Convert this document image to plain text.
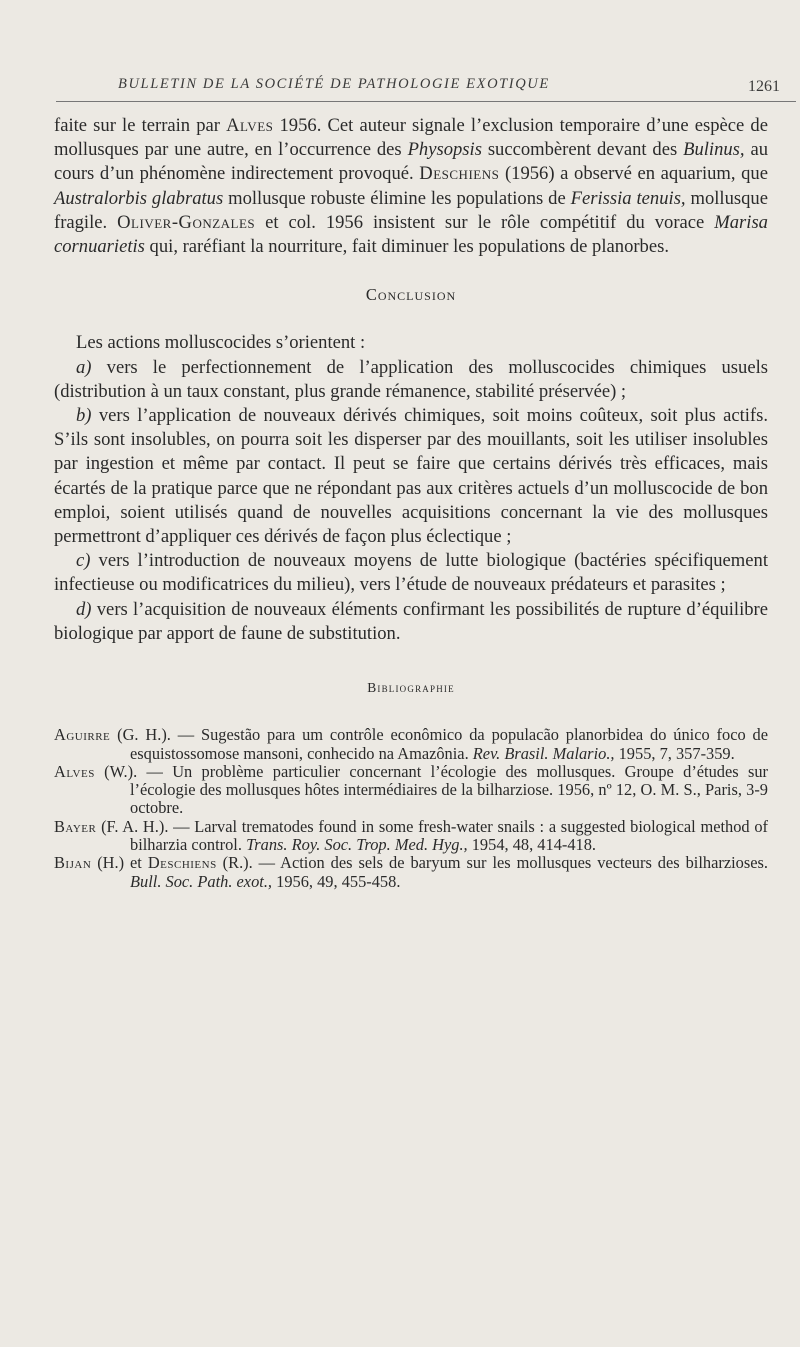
BULLETIN DE LA SOCIÉTÉ DE PATHOLOGIE EXOTIQUE	1261

faite sur le terrain par Alves 1956. Cet auteur signale l’exclusion temporaire d’une espèce de mollusques par une autre, en l’occurrence des Physopsis succombèrent devant des Bulinus, au cours d’un phénomène indirectement provoqué. Deschiens (1956) a observé en aquarium, que Australorbis glabratus mollusque robuste élimine les populations de Ferissia tenuis, mollusque fragile. Oliver-Gonzales et col. 1956 insistent sur le rôle compétitif du vorace Marisa cornuarietis qui, raréfiant la nourriture, fait diminuer les populations de planorbes.

Conclusion

Les actions molluscocides s’orientent :

a) vers le perfectionnement de l’application des molluscocides chimiques usuels (distribution à un taux constant, plus grande rémanence, stabilité préservée) ;

b) vers l’application de nouveaux dérivés chimiques, soit moins coûteux, soit plus actifs. S’ils sont insolubles, on pourra soit les disperser par des mouillants, soit les utiliser insolubles par ingestion et même par contact. Il peut se faire que certains dérivés très efficaces, mais écartés de la pratique parce que ne répondant pas aux critères actuels d’un molluscocide de bon emploi, soient utilisés quand de nouvelles acquisitions concernant la vie des mollusques permettront d’appliquer ces dérivés de façon plus éclectique ;

c) vers l’introduction de nouveaux moyens de lutte biologique (bactéries spécifiquement infectieuse ou modificatrices du milieu), vers l’étude de nouveaux prédateurs et parasites ;

d) vers l’acquisition de nouveaux éléments confirmant les possibilités de rupture d’équilibre biologique par apport de faune de substitution.

Bibliographie

Aguirre (G. H.). — Sugestão para um contrôle econômico da populacão planorbidea do único foco de esquistossomose mansoni, conhecido na Amazônia. Rev. Brasil. Malario., 1955, 7, 357-359.

Alves (W.). — Un problème particulier concernant l’écologie des mollusques. Groupe d’études sur l’écologie des mollusques hôtes intermédiaires de la bilharziose. 1956, nº 12, O. M. S., Paris, 3-9 octobre.

Bayer (F. A. H.). — Larval trematodes found in some fresh-water snails : a suggested biological method of bilharzia control. Trans. Roy. Soc. Trop. Med. Hyg., 1954, 48, 414-418.

Bijan (H.) et Deschiens (R.). — Action des sels de baryum sur les mollusques vecteurs des bilharzioses. Bull. Soc. Path. exot., 1956, 49, 455-458.
